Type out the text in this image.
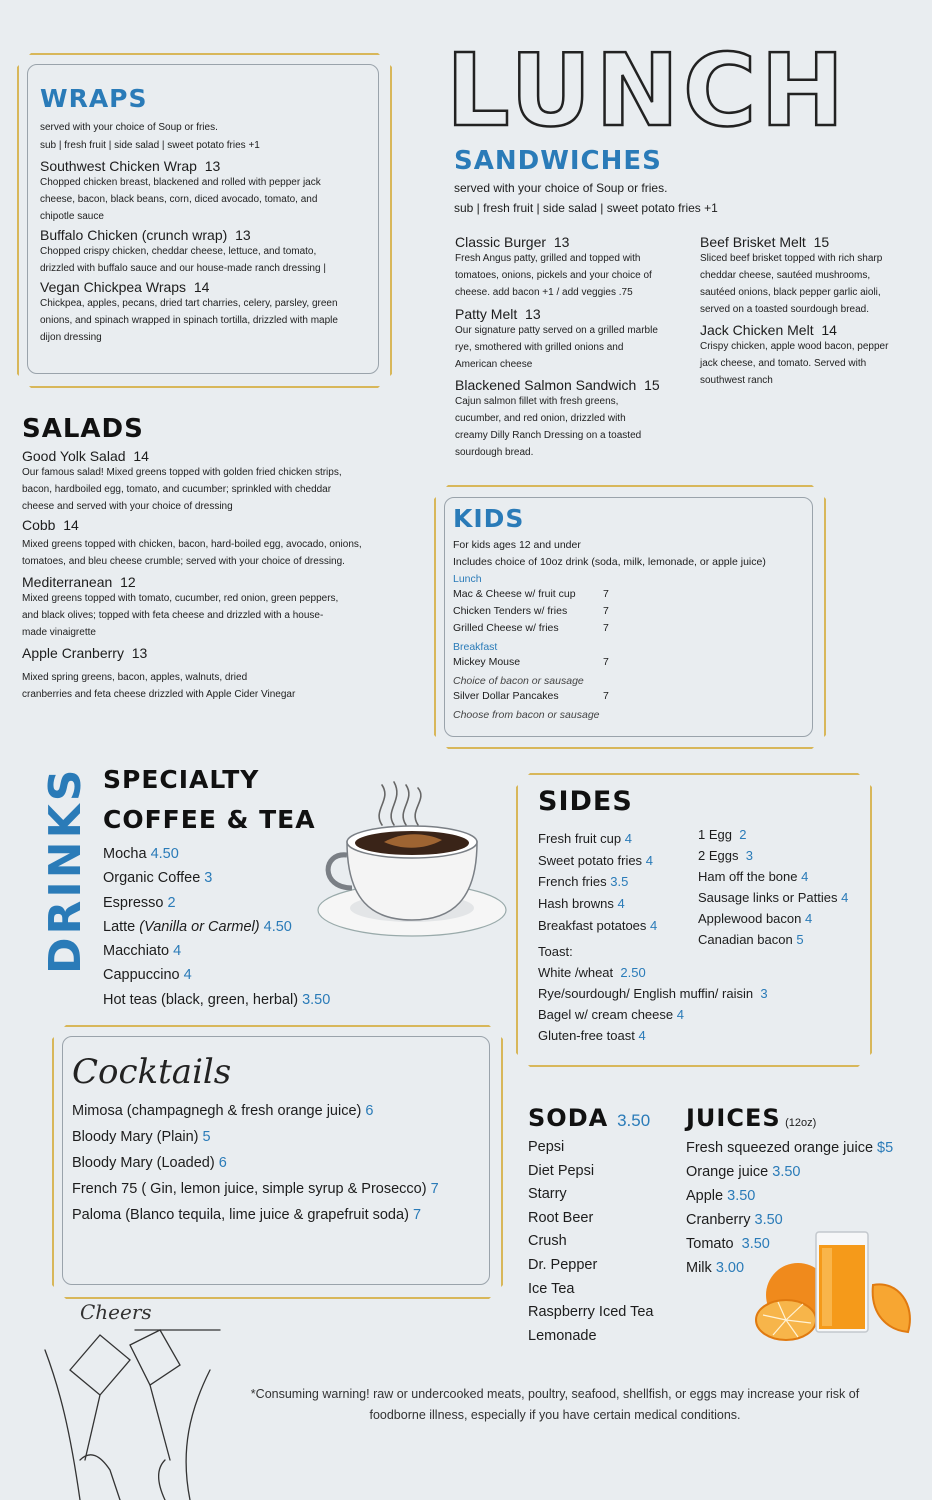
LUNCH
WRAPS
served with your choice of Soup or fries.
sub | fresh fruit | side salad | sweet potato fries +1
Southwest Chicken Wrap 13
Chopped chicken breast, blackened and rolled with pepper jack
cheese, bacon, black beans, corn, diced avocado, tomato, and
chipotle sauce
Buffalo Chicken (crunch wrap) 13
Chopped crispy chicken, cheddar cheese, lettuce, and tomato,
drizzled with buffalo sauce and our house-made ranch dressing |
Vegan Chickpea Wraps 14
Chickpea, apples, pecans, dried tart charries, celery, parsley, green
onions, and spinach wrapped in spinach tortilla, drizzled with maple
dijon dressing
SANDWICHES
served with your choice of Soup or fries.
sub | fresh fruit | side salad | sweet potato fries +1
Classic Burger 13
Fresh Angus patty, grilled and topped with
tomatoes, onions, pickels and your choice of
cheese. add bacon +1 / add veggies .75
Patty Melt 13
Our signature patty served on a grilled marble
rye, smothered with grilled onions and
American cheese
Blackened Salmon Sandwich 15
Cajun salmon fillet with fresh greens,
cucumber, and red onion, drizzled with
creamy Dilly Ranch Dressing on a toasted
sourdough bread.
Beef Brisket Melt 15
Sliced beef brisket topped with rich sharp
cheddar cheese, sautéed mushrooms,
sautéed onions, black pepper garlic aioli,
served on a toasted sourdough bread.
Jack Chicken Melt 14
Crispy chicken, apple wood bacon, pepper
jack cheese, and tomato. Served with
southwest ranch
SALADS
Good Yolk Salad 14
Our famous salad! Mixed greens topped with golden fried chicken strips,
bacon, hardboiled egg, tomato, and cucumber; sprinkled with cheddar
cheese and served with your choice of dressing
Cobb 14
Mixed greens topped with chicken, bacon, hard-boiled egg, avocado, onions,
tomatoes, and bleu cheese crumble; served with your choice of dressing.
Mediterranean 12
Mixed greens topped with tomato, cucumber, red onion, green peppers,
and black olives; topped with feta cheese and drizzled with a house-
made vinaigrette
Apple Cranberry 13
Mixed spring greens, bacon, apples, walnuts, dried
cranberries and feta cheese drizzled with Apple Cider Vinegar
KIDS
For kids ages 12 and under
Includes choice of 10oz drink (soda, milk, lemonade, or apple juice)
Lunch
Mac & Cheese w/ fruit cup	7
Chicken Tenders w/ fries	7
Grilled Cheese w/ fries	7
Breakfast
Mickey Mouse	7
Choice of bacon or sausage
Silver Dollar Pancakes	7
Choose from bacon or sausage
DRINKS SPECIALTY
COFFEE & TEA
Mocha 4.50
Organic Coffee 3
Espresso 2
Latte (Vanilla or Carmel) 4.50
Macchiato 4
Cappuccino 4
Hot teas (black, green, herbal) 3.50
SIDES
Fresh fruit cup 4
Sweet potato fries 4
French fries 3.5
Hash browns 4
Breakfast potatoes 4
1 Egg 2
2 Eggs 3
Ham off the bone 4
Sausage links or Patties 4
Applewood bacon 4
Canadian bacon 5
Toast:
White /wheat 2.50
Rye/sourdough/ English muffin/ raisin 3
Bagel w/ cream cheese 4
Gluten-free toast 4
Cocktails
Mimosa (champagnegh & fresh orange juice) 6
Bloody Mary (Plain) 5
Bloody Mary (Loaded) 6
French 75 ( Gin, lemon juice, simple syrup & Prosecco) 7
Paloma (Blanco tequila, lime juice & grapefruit soda) 7
Cheers
SODA 3.50
Pepsi
Diet Pepsi
Starry
Root Beer
Crush
Dr. Pepper
Ice Tea
Raspberry Iced Tea
Lemonade
JUICES (12oz)
Fresh squeezed orange juice $5
Orange juice 3.50
Apple 3.50
Cranberry 3.50
Tomato 3.50
Milk 3.00
*Consuming warning! raw or undercooked meats, poultry, seafood, shellfish, or eggs may increase your risk of
foodborne illness, especially if you have certain medical conditions.
